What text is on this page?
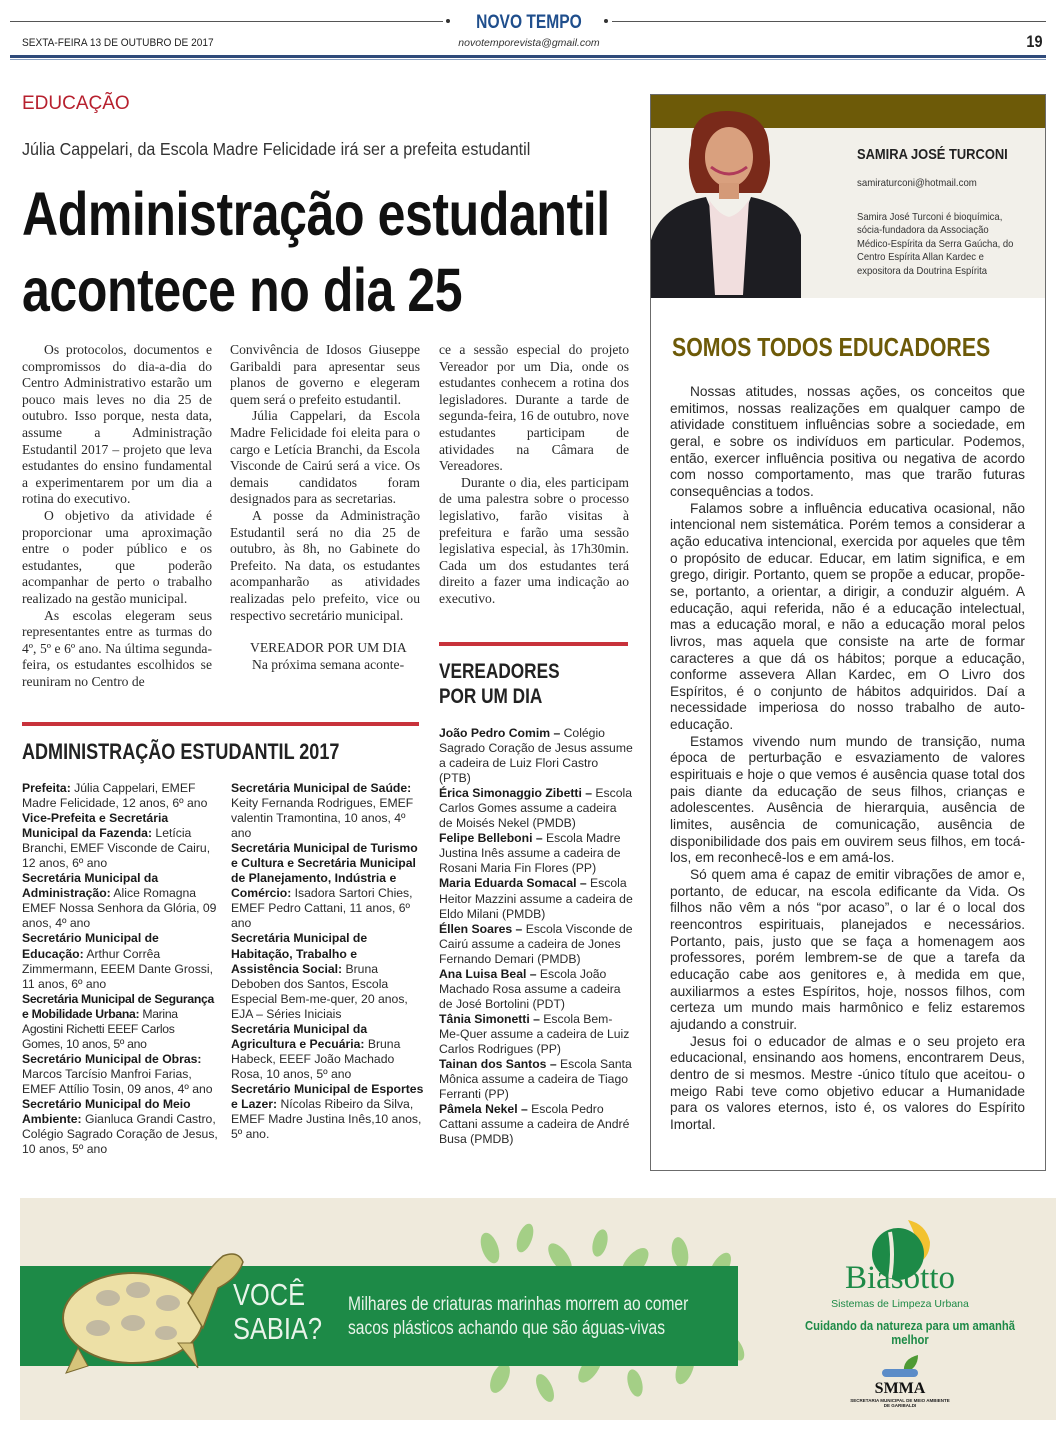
NOVO TEMPO
novotemporevista@gmail.com
SEXTA-FEIRA 13 DE OUTUBRO DE 2017	19
EDUCAÇÃO
Júlia Cappelari, da Escola Madre Felicidade irá ser a prefeita estudantil
Administração estudantil
acontece no dia 25

Os protocolos, documentos e compromissos do dia-a-dia do Centro Administrativo estarão um pouco mais leves no dia 25 de outubro. Isso porque, nesta data, assume a Administração Estudantil 2017 – projeto que leva estudantes do ensino fundamental a experimentarem por um dia a rotina do executivo.

O objetivo da atividade é proporcionar uma aproximação entre o poder público e os estudantes, que poderão acompanhar de perto o trabalho realizado na gestão municipal.

As escolas elegeram seus representantes entre as turmas do 4º, 5º e 6º ano. Na última segunda-feira, os estudantes escolhidos se reuniram no Centro de

Convivência de Idosos Giuseppe Garibaldi para apresentar seus planos de governo e elegeram quem será o prefeito estudantil.

Júlia Cappelari, da Escola Madre Felicidade foi eleita para o cargo e Letícia Branchi, da Escola Visconde de Cairú será a vice. Os demais candidatos foram designados para as secretarias.

A posse da Administração Estudantil será no dia 25 de outubro, às 8h, no Gabinete do Prefeito. Na data, os estudantes acompanharão as atividades realizadas pelo prefeito, vice ou respectivo secretário municipal.

VEREADOR POR UM DIA

Na próxima semana aconte-

ce a sessão especial do projeto Vereador por um Dia, onde os estudantes conhecem a rotina dos legisladores. Durante a tarde de segunda-feira, 16 de outubro, nove estudantes participam de atividades na Câmara de Vereadores.

Durante o dia, eles participam de uma palestra sobre o processo legislativo, farão visitas à prefeitura e farão uma sessão legislativa especial, às 17h30min. Cada um dos estudantes terá direito a fazer uma indicação ao executivo.

ADMINISTRAÇÃO ESTUDANTIL 2017
Prefeita: Júlia Cappelari, EMEF Madre Felicidade, 12 anos, 6º ano
Vice-Prefeita e Secretária Municipal da Fazenda: Letícia Branchi, EMEF Visconde de Cairu, 12 anos, 6º ano
Secretária Municipal da Administração: Alice Romagna EMEF Nossa Senhora da Glória, 09 anos, 4º ano
Secretário Municipal de Educação: Arthur Corrêa Zimmermann, EEEM Dante Grossi, 11 anos, 6º ano
Secretária Municipal de Segurança e Mobilidade Urbana: Marina Agostini Richetti EEEF Carlos Gomes, 10 anos, 5º ano
Secretário Municipal de Obras: Marcos Tarcísio Manfroi Farias, EMEF Attílio Tosin, 09 anos, 4º ano
Secretário Municipal do Meio Ambiente: Gianluca Grandi Castro, Colégio Sagrado Coração de Jesus, 10 anos, 5º ano
Secretária Municipal de Saúde: Keity Fernanda Rodrigues, EMEF valentin Tramontina, 10 anos, 4º ano
Secretária Municipal de Turismo e Cultura e Secretária Municipal de Planejamento, Indústria e Comércio: Isadora Sartori Chies, EMEF Pedro Cattani, 11 anos, 6º ano
Secretária Municipal de Habitação, Trabalho e Assistência Social: Bruna Deboben dos Santos, Escola Especial Bem-me-quer, 20 anos, EJA – Séries Iniciais
Secretária Municipal da Agricultura e Pecuária: Bruna Habeck, EEEF João Machado Rosa, 10 anos, 5º ano
Secretário Municipal de Esportes e Lazer: Nícolas Ribeiro da Silva, EMEF Madre Justina Inês,10 anos, 5º ano.
VEREADORES
POR UM DIA
João Pedro Comim – Colégio Sagrado Coração de Jesus assume a cadeira de Luiz Flori Castro (PTB)
Érica Simonaggio Zibetti – Escola Carlos Gomes assume a cadeira de Moisés Nekel (PMDB)
Felipe Belleboni – Escola Madre Justina Inês assume a cadeira de Rosani Maria Fin Flores (PP)
Maria Eduarda Somacal – Escola Heitor Mazzini assume a cadeira de Eldo Milani (PMDB)
Éllen Soares – Escola Visconde de Cairú assume a cadeira de Jones Fernando Demari (PMDB)
Ana Luisa Beal – Escola João Machado Rosa assume a cadeira de José Bortolini (PDT)
Tânia Simonetti – Escola Bem-Me-Quer assume a cadeira de Luiz Carlos Rodrigues (PP)
Tainan dos Santos – Escola Santa Mônica assume a cadeira de Tiago Ferranti (PP)
Pâmela Nekel – Escola Pedro Cattani assume a cadeira de André Busa (PMDB)
SAMIRA JOSÉ TURCONI
samiraturconi@hotmail.com
Samira José Turconi é bioquímica, sócia-fundadora da Associação Médico-Espírita da Serra Gaúcha, do Centro Espírita Allan Kardec e expositora da Doutrina Espírita
SOMOS TODOS EDUCADORES

Nossas atitudes, nossas ações, os conceitos que emitimos, nossas realizações em qualquer campo de atividade constituem influências sobre a sociedade, em geral, e sobre os indivíduos em particular. Podemos, então, exercer influência positiva ou negativa de acordo com nosso comportamento, mas que trarão futuras consequências a todos.

Falamos sobre a influência educativa ocasional, não intencional nem sistemática. Porém temos a considerar a ação educativa intencional, exercida por aqueles que têm o propósito de educar. Educar, em latim significa, e em grego, dirigir. Portanto, quem se propõe a educar, propõe-se, portanto, a orientar, a dirigir, a conduzir alguém. A educação, aqui referida, não é a educação intelectual, mas a educação moral, e não a educação moral pelos livros, mas aquela que consiste na arte de formar caracteres a que dá os hábitos; porque a educação, conforme assevera Allan Kardec, em O Livro dos Espíritos, é o conjunto de hábitos adquiridos. Daí a necessidade imperiosa do nosso trabalho de auto-educação.

Estamos vivendo num mundo de transição, numa época de perturbação e esvaziamento de valores espirituais e hoje o que vemos é ausência quase total dos pais diante da educação de seus filhos, crianças e adolescentes. Ausência de hierarquia, ausência de limites, ausência de comunicação, ausência de disponibilidade dos pais em ouvirem seus filhos, em tocá-los, em reconhecê-los e em amá-los.

Só quem ama é capaz de emitir vibrações de amor e, portanto, de educar, na escola edificante da Vida. Os filhos não vêm a nós “por acaso”, o lar é o local dos reencontros espirituais, planejados e necessários. Portanto, pais, justo que se faça a homenagem aos professores, porém lembrem-se de que a tarefa da educação cabe aos genitores e, à medida em que, auxiliarmos a estes Espíritos, hoje, nossos filhos, com certeza um mundo mais harmônico e feliz estaremos ajudando a construir.

Jesus foi o educador de almas e o seu projeto era educacional, ensinando aos homens, encontrarem Deus, dentro de si mesmos. Mestre -único título que aceitou- o meigo Rabi teve como objetivo educar a Humanidade para os valores eternos, isto é, os valores do Espírito Imortal.

VOCÊ
SABIA?
Milhares de criaturas marinhas morrem ao comer
sacos plásticos achando que são águas-vivas
Biasotto
Sistemas de Limpeza Urbana
Cuidando da natureza para um amanhã melhor
SMMA
SECRETARIA MUNICIPAL DE MEIO AMBIENTE DE GARIBALDI
